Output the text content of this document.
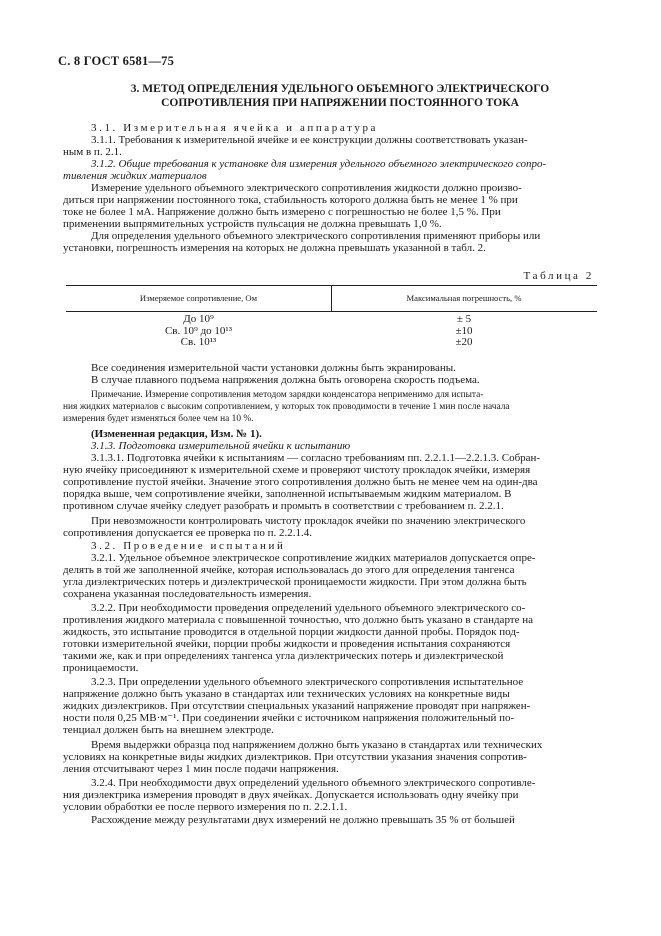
С. 8 ГОСТ 6581—75
3. МЕТОД ОПРЕДЕЛЕНИЯ УДЕЛЬНОГО ОБЪЕМНОГО ЭЛЕКТРИЧЕСКОГО
СОПРОТИВЛЕНИЯ ПРИ НАПРЯЖЕНИИ ПОСТОЯННОГО ТОКА
3.1. Измерительная ячейка и аппаратура
3.1.1. Требования к измерительной ячейке и ее конструкции должны соответствовать указан-
ным в п. 2.1.
3.1.2. Общие требования к установке для измерения удельного объемного электрического сопро-
тивления жидких материалов
Измерение удельного объемного электрического сопротивления жидкости должно произво-
диться при напряжении постоянного тока, стабильность которого должна быть не менее 1 % при
токе не более 1 мА. Напряжение должно быть измерено с погрешностью не более 1,5 %. При
применении выпрямительных устройств пульсация не должна превышать 1,0 %.
Для определения удельного объемного электрического сопротивления применяют приборы или
установки, погрешность измерения на которых не должна превышать указанной в табл. 2.
Таблица 2
Измеряемое сопротивление, Ом	Максимальная погрешность, %
До 10⁹	± 5
Св. 10⁹ до 10¹³	±10
Св. 10¹³	±20
Все соединения измерительной части установки должны быть экранированы.
В случае плавного подъема напряжения должна быть оговорена скорость подъема.
Примечание. Измерение сопротивления методом зарядки конденсатора неприменимо для испыта-
ния жидких материалов с высоким сопротивлением, у которых ток проводимости в течение 1 мин после начала
измерения будет изменяться более чем на 10 %.
(Измененная редакция, Изм. № 1).
3.1.3. Подготовка измерительной ячейки к испытанию
3.1.3.1. Подготовка ячейки к испытаниям — согласно требованиям пп. 2.2.1.1—2.2.1.3. Собран-
ную ячейку присоединяют к измерительной схеме и проверяют чистоту прокладок ячейки, измеряя
сопротивление пустой ячейки. Значение этого сопротивления должно быть не менее чем на один-два
порядка выше, чем сопротивление ячейки, заполненной испытываемым жидким материалом. В
противном случае ячейку следует разобрать и промыть в соответствии с требованием п. 2.2.1.
При невозможности контролировать чистоту прокладок ячейки по значению электрического
сопротивления допускается ее проверка по п. 2.2.1.4.
3.2. Проведение испытаний
3.2.1. Удельное объемное электрическое сопротивление жидких материалов допускается опре-
делять в той же заполненной ячейке, которая использовалась до этого для определения тангенса
угла диэлектрических потерь и диэлектрической проницаемости жидкости. При этом должна быть
сохранена указанная последовательность измерения.
3.2.2. При необходимости проведения определений удельного объемного электрического со-
противления жидкого материала с повышенной точностью, что должно быть указано в стандарте на
жидкость, это испытание проводится в отдельной порции жидкости данной пробы. Порядок под-
готовки измерительной ячейки, порции пробы жидкости и проведения испытания сохраняются
такими же, как и при определениях тангенса угла диэлектрических потерь и диэлектрической
проницаемости.
3.2.3. При определении удельного объемного электрического сопротивления испытательное
напряжение должно быть указано в стандартах или технических условиях на конкретные виды
жидких диэлектриков. При отсутствии специальных указаний напряжение проводят при напряжен-
ности поля 0,25 МВ·м⁻¹. При соединении ячейки с источником напряжения положительный по-
тенциал должен быть на внешнем электроде.
Время выдержки образца под напряжением должно быть указано в стандартах или технических
условиях на конкретные виды жидких диэлектриков. При отсутствии указания значения сопротив-
ления отсчитывают через 1 мин после подачи напряжения.
3.2.4. При необходимости двух определений удельного объемного электрического сопротивле-
ния диэлектрика измерения проводят в двух ячейках. Допускается использовать одну ячейку при
условии обработки ее после первого измерения по п. 2.2.1.1.
Расхождение между результатами двух измерений не должно превышать 35 % от большей
